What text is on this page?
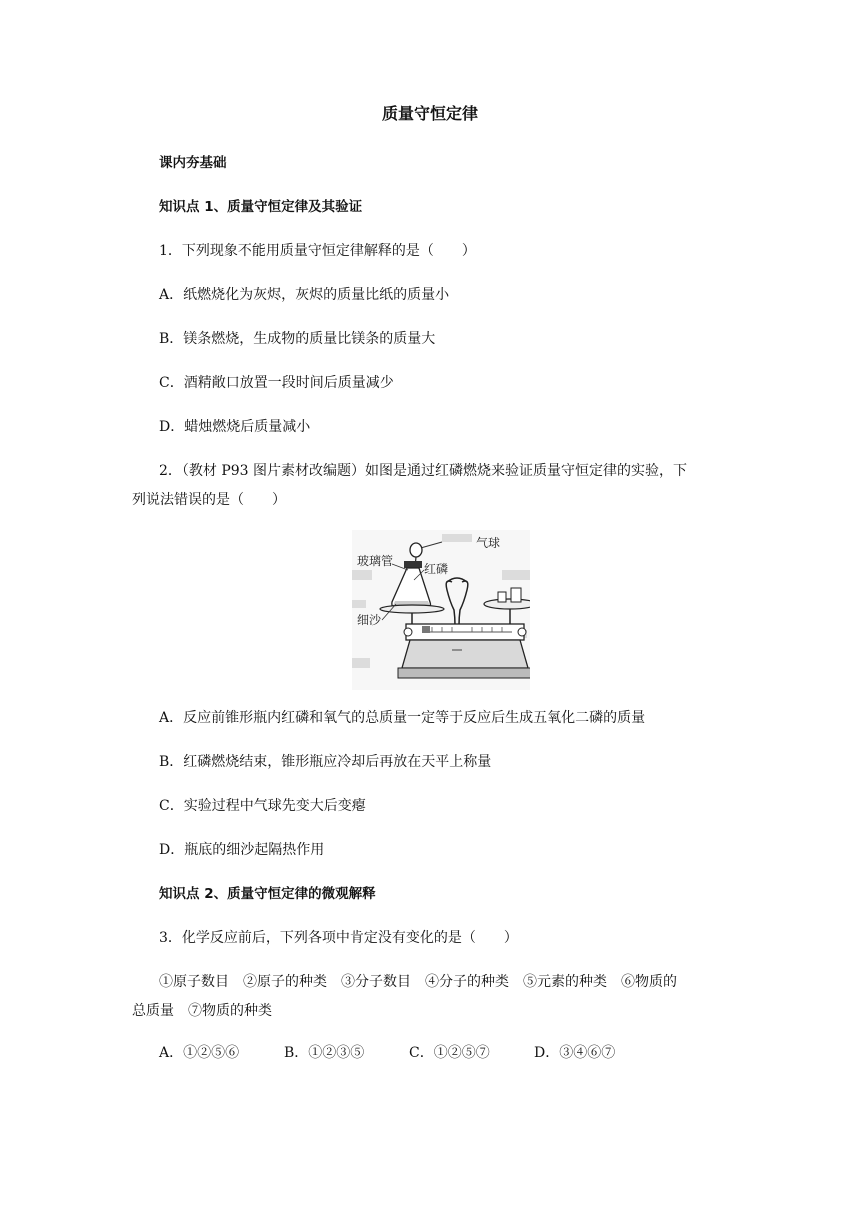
质量守恒定律
课内夯基础
知识点 1、质量守恒定律及其验证
1．下列现象不能用质量守恒定律解释的是（　　）
A．纸燃烧化为灰烬，灰烬的质量比纸的质量小
B．镁条燃烧，生成物的质量比镁条的质量大
C．酒精敞口放置一段时间后质量减少
D．蜡烛燃烧后质量减小
2．（教材 P93 图片素材改编题）如图是通过红磷燃烧来验证质量守恒定律的实验，下
列说法错误的是（　　）
气球
玻璃管
红磷
细沙
A．反应前锥形瓶内红磷和氧气的总质量一定等于反应后生成五氧化二磷的质量
B．红磷燃烧结束，锥形瓶应冷却后再放在天平上称量
C．实验过程中气球先变大后变瘪
D．瓶底的细沙起隔热作用
知识点 2、质量守恒定律的微观解释
3．化学反应前后，下列各项中肯定没有变化的是（　　）
①原子数目　②原子的种类　③分子数目　④分子的种类　⑤元素的种类　⑥物质的
总质量　⑦物质的种类
A．①②⑤⑥	B．①②③⑤	C．①②⑤⑦	D．③④⑥⑦
